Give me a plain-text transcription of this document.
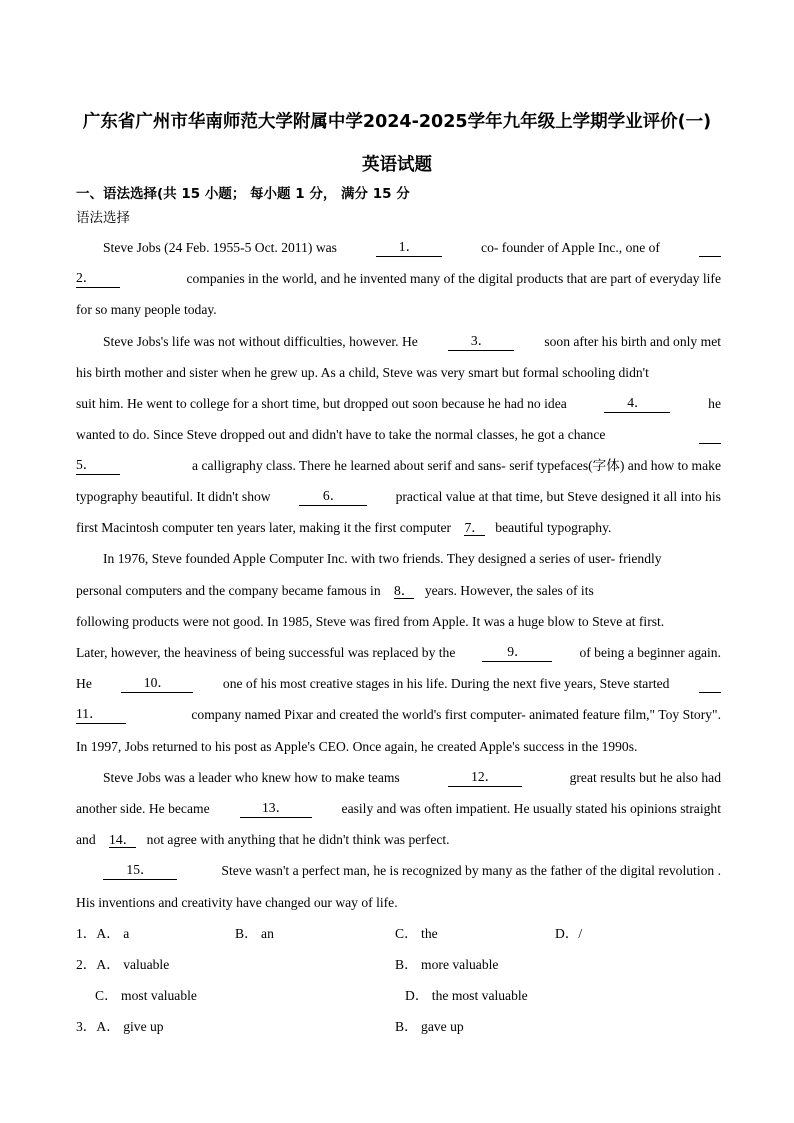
广东省广州市华南师范大学附属中学2024-2025学年九年级上学期学业评价(一)
英语试题
一、语法选择(共 15 小题； 每小题 1 分， 满分 15 分
语法选择
Steve Jobs (24 Feb. 1955-5 Oct. 2011) was	1．	co- founder of Apple Inc., one of
2．	companies in the world, and he invented many of the digital products that are part of everyday life
for so many people today.
Steve Jobs's life was not without difficulties, however. He	3．	soon after his birth and only met
his birth mother and sister when he grew up. As a child, Steve was very smart but formal schooling didn't
suit him. He went to college for a short time, but dropped out soon because he had no idea	4．	he
wanted to do. Since Steve dropped out and didn't have to take the normal classes, he got a chance
5．	a calligraphy class. There he learned about serif and sans- serif typefaces(字体) and how to make
typography beautiful. It didn't show	6．	practical value at that time, but Steve designed it all into his
first Macintosh computer ten years later, making it the first computer 7． beautiful typography.
In 1976, Steve founded Apple Computer Inc. with two friends. They designed a series of user- friendly
personal computers and the company became famous in 8． years. However, the sales of its
following products were not good. In 1985, Steve was fired from Apple. It was a huge blow to Steve at first.
Later, however, the heaviness of being successful was replaced by the	9．	of being a beginner again.
He	10．	one of his most creative stages in his life. During the next five years, Steve started
11．	company named Pixar and created the world's first computer- animated feature film," Toy Story".
In 1997, Jobs returned to his post as Apple's CEO. Once again, he created Apple's success in the 1990s.
Steve Jobs was a leader who knew how to make teams	12．	great results but he also had
another side. He became	13．	easily and was often impatient. He usually stated his opinions straight
and 14． not agree with anything that he didn't think was perfect.
15．	Steve wasn't a perfect man, he is recognized by many as the father of the digital revolution .
His inventions and creativity have changed our way of life.
1．A． a	B． an	C． the	D．/
2．A． valuable	B． more valuable
C． most valuable	D． the most valuable
3．A． give up	B． gave up
